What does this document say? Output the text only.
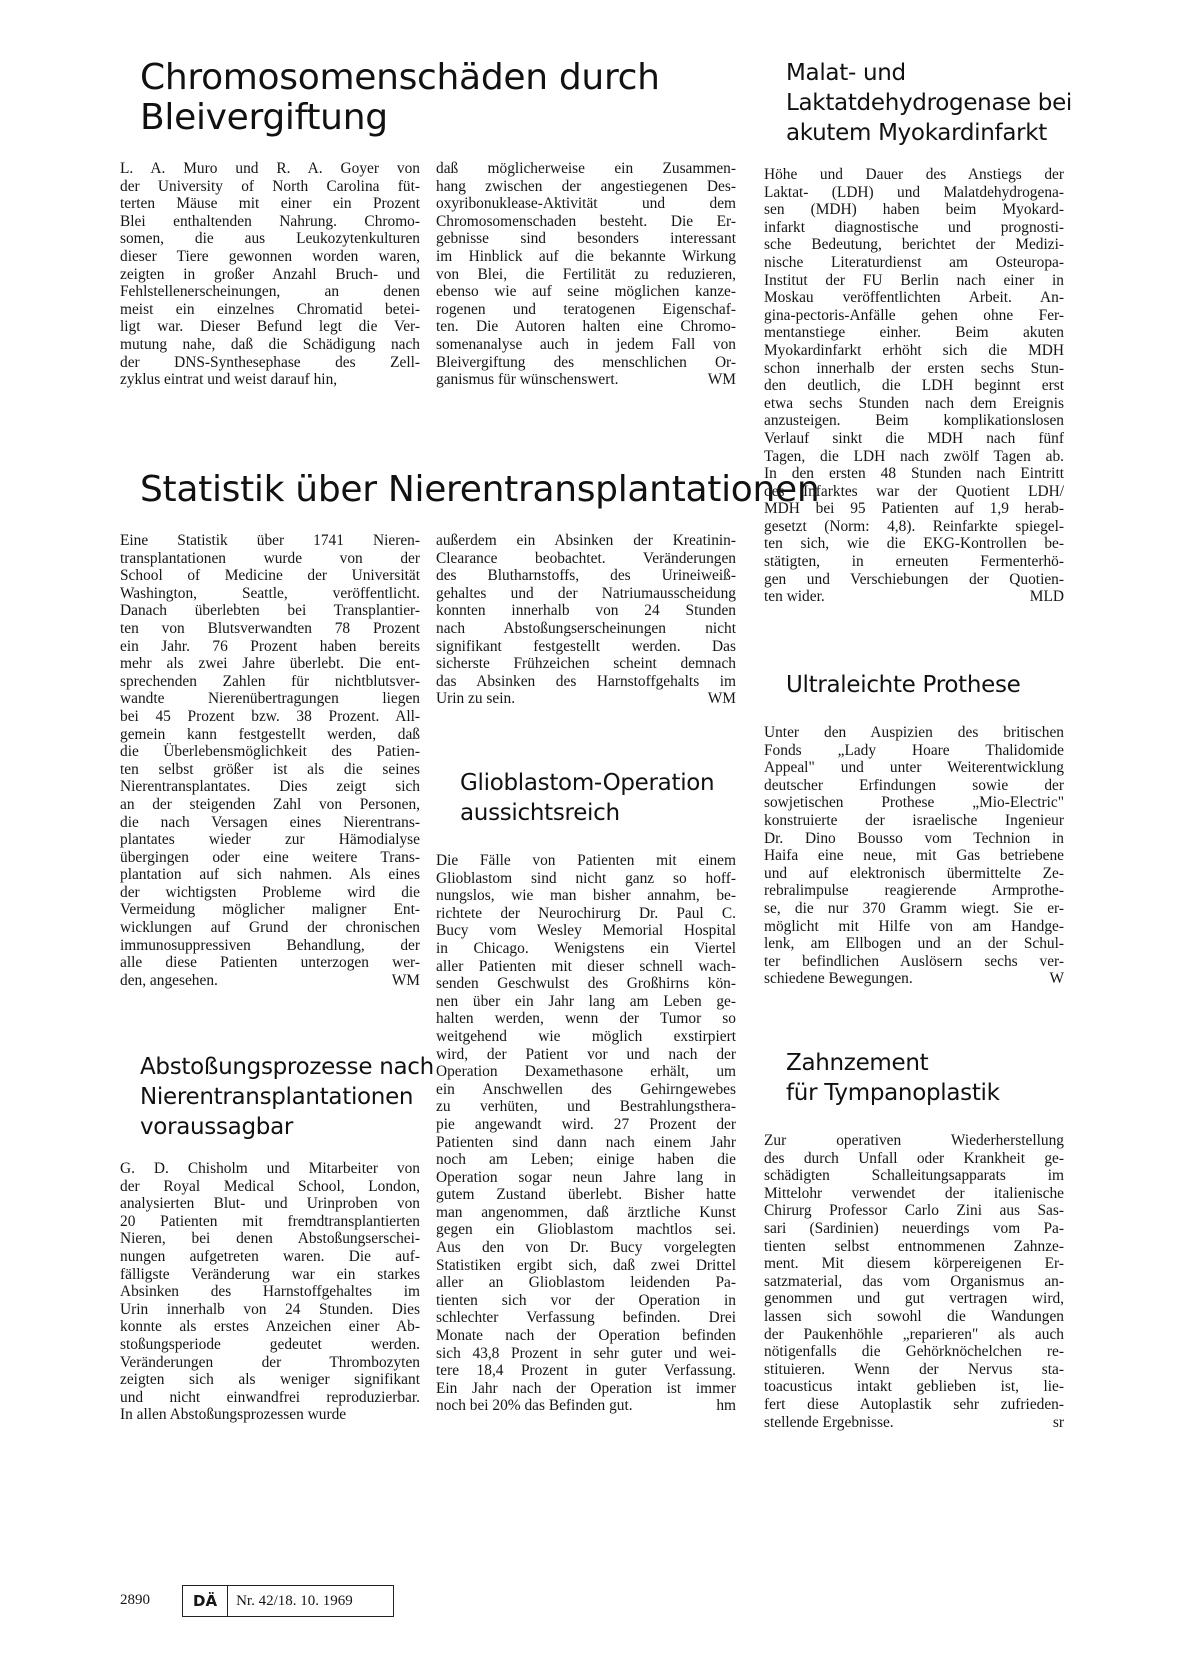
Chromosomenschäden durch
Bleivergiftung
L. A. Muro und R. A. Goyer von
der University of North Carolina füt-
terten Mäuse mit einer ein Prozent
Blei enthaltenden Nahrung. Chromo-
somen, die aus Leukozytenkulturen
dieser Tiere gewonnen worden waren,
zeigten in großer Anzahl Bruch- und
Fehlstellenerscheinungen, an denen
meist ein einzelnes Chromatid betei-
ligt war. Dieser Befund legt die Ver-
mutung nahe, daß die Schädigung nach
der DNS-Synthesephase des Zell-
zyklus eintrat und weist darauf hin,
daß möglicherweise ein Zusammen-
hang zwischen der angestiegenen Des-
oxyribonuklease-Aktivität und dem
Chromosomenschaden besteht. Die Er-
gebnisse sind besonders interessant
im Hinblick auf die bekannte Wirkung
von Blei, die Fertilität zu reduzieren,
ebenso wie auf seine möglichen kanze-
rogenen und teratogenen Eigenschaf-
ten. Die Autoren halten eine Chromo-
somenanalyse auch in jedem Fall von
Bleivergiftung des menschlichen Or-
ganismus für wünschenswert.	WM
Statistik über Nierentransplantationen
Eine Statistik über 1741 Nieren-
transplantationen wurde von der
School of Medicine der Universität
Washington, Seattle, veröffentlicht.
Danach überlebten bei Transplantier-
ten von Blutsverwandten 78 Prozent
ein Jahr. 76 Prozent haben bereits
mehr als zwei Jahre überlebt. Die ent-
sprechenden Zahlen für nichtblutsver-
wandte Nierenübertragungen liegen
bei 45 Prozent bzw. 38 Prozent. All-
gemein kann festgestellt werden, daß
die Überlebensmöglichkeit des Patien-
ten selbst größer ist als die seines
Nierentransplantates. Dies zeigt sich
an der steigenden Zahl von Personen,
die nach Versagen eines Nierentrans-
plantates wieder zur Hämodialyse
übergingen oder eine weitere Trans-
plantation auf sich nahmen. Als eines
der wichtigsten Probleme wird die
Vermeidung möglicher maligner Ent-
wicklungen auf Grund der chronischen
immunosuppressiven Behandlung, der
alle diese Patienten unterzogen wer-
den, angesehen.	WM
außerdem ein Absinken der Kreatinin-
Clearance beobachtet. Veränderungen
des Blutharnstoffs, des Urineiweiß-
gehaltes und der Natriumausscheidung
konnten innerhalb von 24 Stunden
nach Abstoßungserscheinungen nicht
signifikant festgestellt werden. Das
sicherste Frühzeichen scheint demnach
das Absinken des Harnstoffgehalts im
Urin zu sein.	WM
Abstoßungsprozesse nach
Nierentransplantationen
voraussagbar
G. D. Chisholm und Mitarbeiter von
der Royal Medical School, London,
analysierten Blut- und Urinproben von
20 Patienten mit fremdtransplantierten
Nieren, bei denen Abstoßungserschei-
nungen aufgetreten waren. Die auf-
fälligste Veränderung war ein starkes
Absinken des Harnstoffgehaltes im
Urin innerhalb von 24 Stunden. Dies
konnte als erstes Anzeichen einer Ab-
stoßungsperiode gedeutet werden.
Veränderungen der Thrombozyten
zeigten sich als weniger signifikant
und nicht einwandfrei reproduzierbar.
In allen Abstoßungsprozessen wurde
Glioblastom-Operation
aussichtsreich
Die Fälle von Patienten mit einem
Glioblastom sind nicht ganz so hoff-
nungslos, wie man bisher annahm, be-
richtete der Neurochirurg Dr. Paul C.
Bucy vom Wesley Memorial Hospital
in Chicago. Wenigstens ein Viertel
aller Patienten mit dieser schnell wach-
senden Geschwulst des Großhirns kön-
nen über ein Jahr lang am Leben ge-
halten werden, wenn der Tumor so
weitgehend wie möglich exstirpiert
wird, der Patient vor und nach der
Operation Dexamethasone erhält, um
ein Anschwellen des Gehirngewebes
zu verhüten, und Bestrahlungsthera-
pie angewandt wird. 27 Prozent der
Patienten sind dann nach einem Jahr
noch am Leben; einige haben die
Operation sogar neun Jahre lang in
gutem Zustand überlebt. Bisher hatte
man angenommen, daß ärztliche Kunst
gegen ein Glioblastom machtlos sei.
Aus den von Dr. Bucy vorgelegten
Statistiken ergibt sich, daß zwei Drittel
aller an Glioblastom leidenden Pa-
tienten sich vor der Operation in
schlechter Verfassung befinden. Drei
Monate nach der Operation befinden
sich 43,8 Prozent in sehr guter und wei-
tere 18,4 Prozent in guter Verfassung.
Ein Jahr nach der Operation ist immer
noch bei 20% das Befinden gut.	hm
Malat- und
Laktatdehydrogenase bei
akutem Myokardinfarkt
Höhe und Dauer des Anstiegs der
Laktat- (LDH) und Malatdehydrogena-
sen (MDH) haben beim Myokard-
infarkt diagnostische und prognosti-
sche Bedeutung, berichtet der Medizi-
nische Literaturdienst am Osteuropa-
Institut der FU Berlin nach einer in
Moskau veröffentlichten Arbeit. An-
gina-pectoris-Anfälle gehen ohne Fer-
mentanstiege einher. Beim akuten
Myokardinfarkt erhöht sich die MDH
schon innerhalb der ersten sechs Stun-
den deutlich, die LDH beginnt erst
etwa sechs Stunden nach dem Ereignis
anzusteigen. Beim komplikationslosen
Verlauf sinkt die MDH nach fünf
Tagen, die LDH nach zwölf Tagen ab.
In den ersten 48 Stunden nach Eintritt
des Infarktes war der Quotient LDH/
MDH bei 95 Patienten auf 1,9 herab-
gesetzt (Norm: 4,8). Reinfarkte spiegel-
ten sich, wie die EKG-Kontrollen be-
stätigten, in erneuten Fermenterhö-
gen und Verschiebungen der Quotien-
ten wider.	MLD
Ultraleichte Prothese
Unter den Auspizien des britischen
Fonds „Lady Hoare Thalidomide
Appeal" und unter Weiterentwicklung
deutscher Erfindungen sowie der
sowjetischen Prothese „Mio-Electric"
konstruierte der israelische Ingenieur
Dr. Dino Bousso vom Technion in
Haifa eine neue, mit Gas betriebene
und auf elektronisch übermittelte Ze-
rebralimpulse reagierende Armprothe-
se, die nur 370 Gramm wiegt. Sie er-
möglicht mit Hilfe von am Handge-
lenk, am Ellbogen und an der Schul-
ter befindlichen Auslösern sechs ver-
schiedene Bewegungen.	W
Zahnzement
für Tympanoplastik
Zur operativen Wiederherstellung
des durch Unfall oder Krankheit ge-
schädigten Schalleitungsapparats im
Mittelohr verwendet der italienische
Chirurg Professor Carlo Zini aus Sas-
sari (Sardinien) neuerdings vom Pa-
tienten selbst entnommenen Zahnze-
ment. Mit diesem körpereigenen Er-
satzmaterial, das vom Organismus an-
genommen und gut vertragen wird,
lassen sich sowohl die Wandungen
der Paukenhöhle „reparieren" als auch
nötigenfalls die Gehörknöchelchen re-
stituieren. Wenn der Nervus sta-
toacusticus intakt geblieben ist, lie-
fert diese Autoplastik sehr zufrieden-
stellende Ergebnisse.	sr
2890	DÄ	Nr. 42/18. 10. 1969
